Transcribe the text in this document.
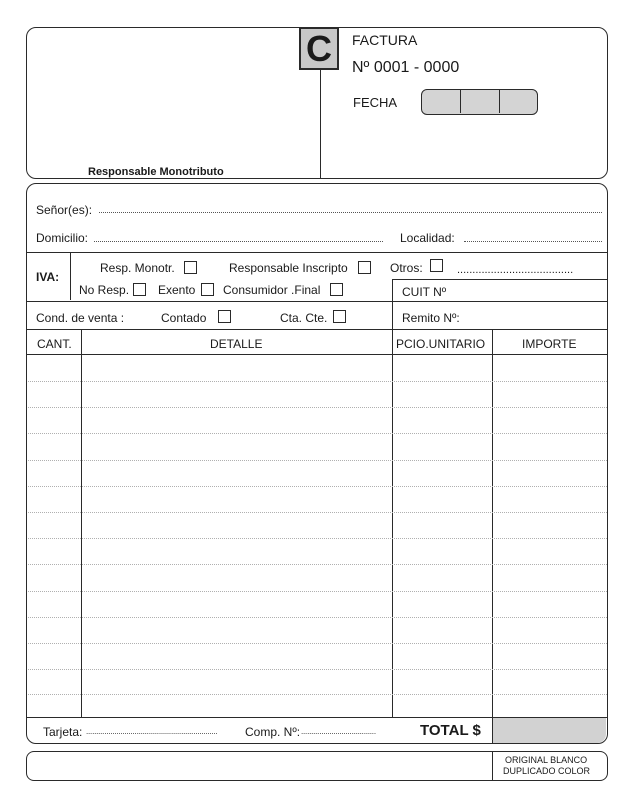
C FACTURA
Nº 0001 - 0000
FECHA
Responsable Monotributo
Señor(es):
Domicilio:	Localidad:
IVA:
Resp. Monotr.	Responsable Inscripto	Otros:	......................................
No Resp. Exento Consumidor .Final	CUIT Nº
Cond. de venta :	Contado	Cta. Cte.	Remito Nº:
CANT.	DETALLE	PCIO.UNITARIO	IMPORTE
Tarjeta: ................................................................. Comp. Nº: .....................................	TOTAL $
ORIGINAL BLANCO
DUPLICADO COLOR
